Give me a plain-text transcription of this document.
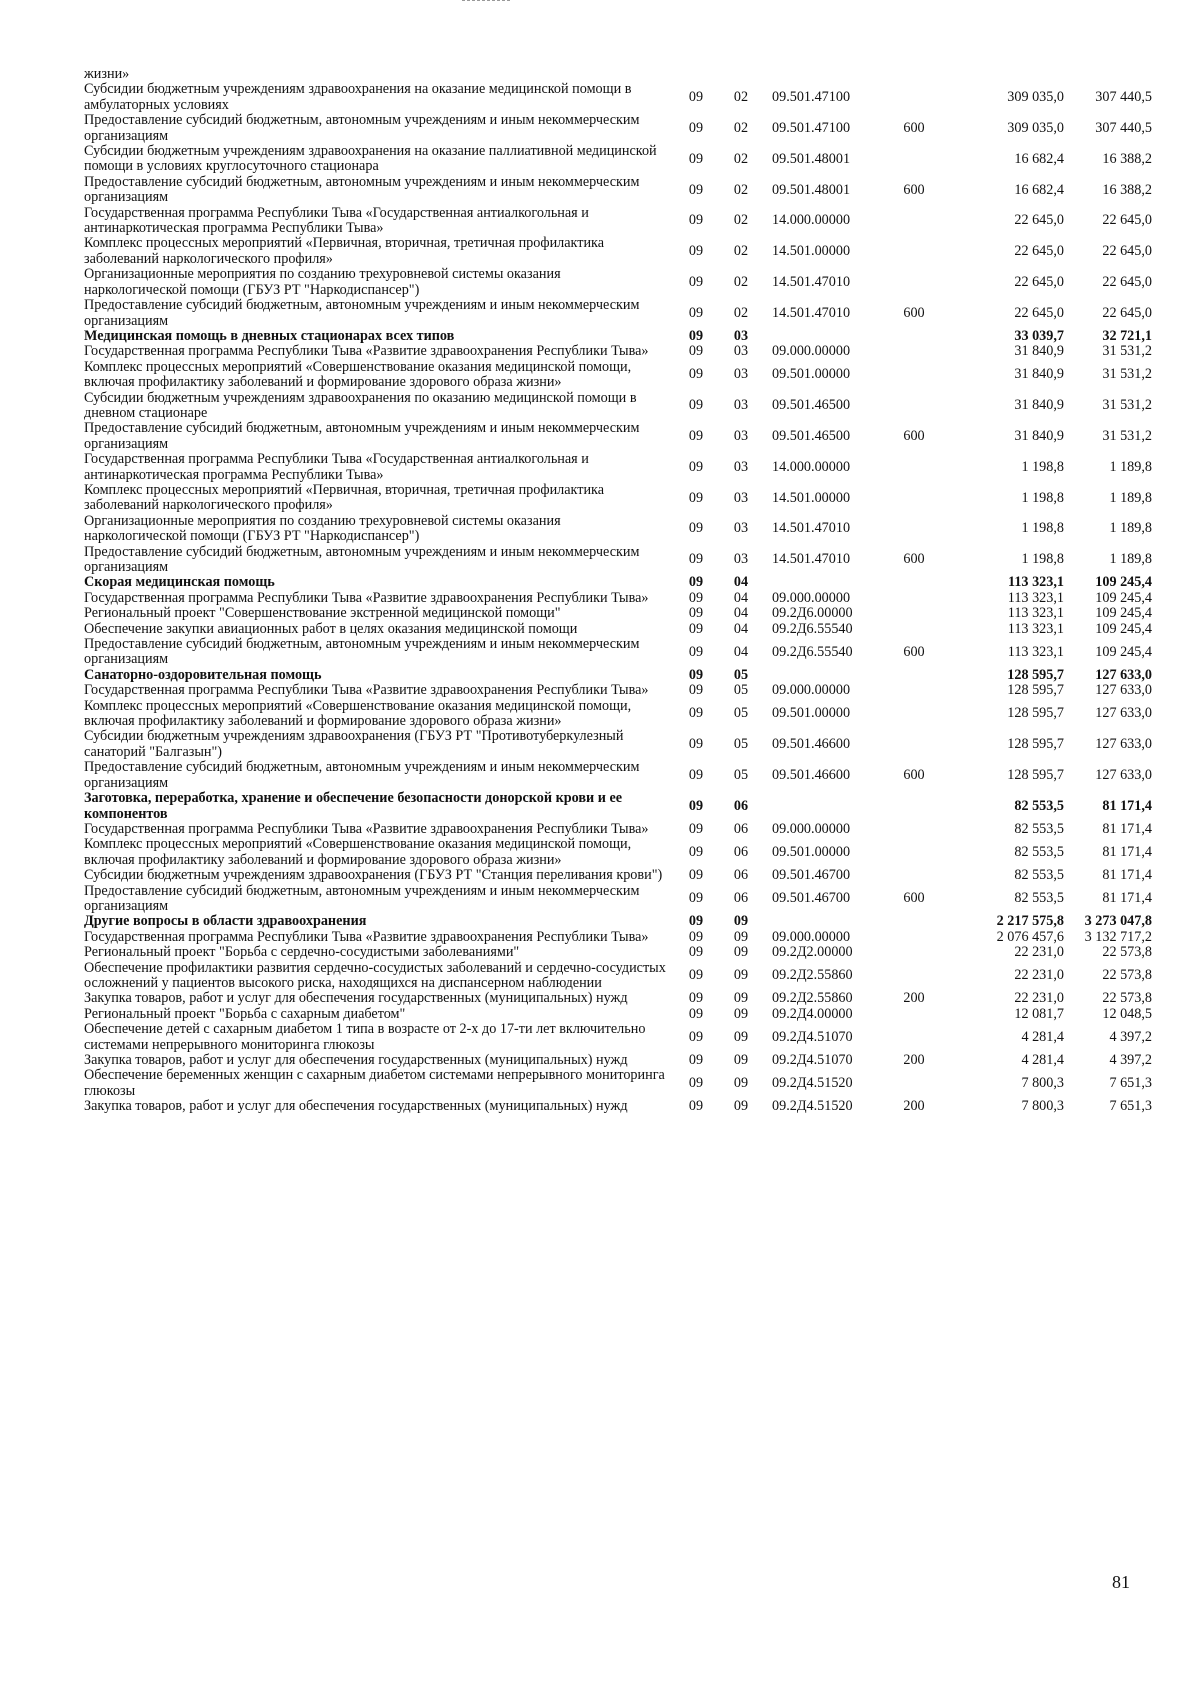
жизни»						
Субсидии бюджетным учреждениям здравоохранения на оказание медицинской помощи в амбулаторных условиях	09	02	09.501.47100		309 035,0	307 440,5
Предоставление субсидий бюджетным, автономным учреждениям и иным некоммерческим организациям	09	02	09.501.47100	600	309 035,0	307 440,5
Субсидии бюджетным учреждениям здравоохранения на оказание паллиативной медицинской помощи в условиях круглосуточного стационара	09	02	09.501.48001		16 682,4	16 388,2
Предоставление субсидий бюджетным, автономным учреждениям и иным некоммерческим организациям	09	02	09.501.48001	600	16 682,4	16 388,2
Государственная программа Республики Тыва «Государственная антиалкогольная и антинаркотическая программа Республики Тыва»	09	02	14.000.00000		22 645,0	22 645,0
Комплекс процессных мероприятий «Первичная, вторичная, третичная профилактика заболеваний наркологического профиля»	09	02	14.501.00000		22 645,0	22 645,0
Организационные мероприятия по созданию трехуровневой системы оказания наркологической помощи (ГБУЗ РТ "Наркодиспансер")	09	02	14.501.47010		22 645,0	22 645,0
Предоставление субсидий бюджетным, автономным учреждениям и иным некоммерческим организациям	09	02	14.501.47010	600	22 645,0	22 645,0
Медицинская помощь в дневных стационарах всех типов	09	03			33 039,7	32 721,1
Государственная программа Республики Тыва «Развитие здравоохранения Республики Тыва»	09	03	09.000.00000		31 840,9	31 531,2
Комплекс процессных мероприятий «Совершенствование оказания медицинской помощи, включая профилактику заболеваний и формирование здорового образа жизни»	09	03	09.501.00000		31 840,9	31 531,2
Субсидии бюджетным учреждениям здравоохранения по оказанию медицинской помощи в дневном стационаре	09	03	09.501.46500		31 840,9	31 531,2
Предоставление субсидий бюджетным, автономным учреждениям и иным некоммерческим организациям	09	03	09.501.46500	600	31 840,9	31 531,2
Государственная программа Республики Тыва «Государственная антиалкогольная и антинаркотическая программа Республики Тыва»	09	03	14.000.00000		1 198,8	1 189,8
Комплекс процессных мероприятий «Первичная, вторичная, третичная профилактика заболеваний наркологического профиля»	09	03	14.501.00000		1 198,8	1 189,8
Организационные мероприятия по созданию трехуровневой системы оказания наркологической помощи (ГБУЗ РТ "Наркодиспансер")	09	03	14.501.47010		1 198,8	1 189,8
Предоставление субсидий бюджетным, автономным учреждениям и иным некоммерческим организациям	09	03	14.501.47010	600	1 198,8	1 189,8
Скорая медицинская помощь	09	04			113 323,1	109 245,4
Государственная программа Республики Тыва «Развитие здравоохранения Республики Тыва»	09	04	09.000.00000		113 323,1	109 245,4
Региональный проект "Совершенствование экстренной медицинской помощи"	09	04	09.2Д6.00000		113 323,1	109 245,4
Обеспечение закупки авиационных работ в целях оказания медицинской помощи	09	04	09.2Д6.55540		113 323,1	109 245,4
Предоставление субсидий бюджетным, автономным учреждениям и иным некоммерческим организациям	09	04	09.2Д6.55540	600	113 323,1	109 245,4
Санаторно-оздоровительная помощь	09	05			128 595,7	127 633,0
Государственная программа Республики Тыва «Развитие здравоохранения Республики Тыва»	09	05	09.000.00000		128 595,7	127 633,0
Комплекс процессных мероприятий «Совершенствование оказания медицинской помощи, включая профилактику заболеваний и формирование здорового образа жизни»	09	05	09.501.00000		128 595,7	127 633,0
Субсидии бюджетным учреждениям здравоохранения (ГБУЗ РТ "Противотуберкулезный санаторий "Балгазын")	09	05	09.501.46600		128 595,7	127 633,0
Предоставление субсидий бюджетным, автономным учреждениям и иным некоммерческим организациям	09	05	09.501.46600	600	128 595,7	127 633,0
Заготовка, переработка, хранение и обеспечение безопасности донорской крови и ее компонентов	09	06			82 553,5	81 171,4
Государственная программа Республики Тыва «Развитие здравоохранения Республики Тыва»	09	06	09.000.00000		82 553,5	81 171,4
Комплекс процессных мероприятий «Совершенствование оказания медицинской помощи, включая профилактику заболеваний и формирование здорового образа жизни»	09	06	09.501.00000		82 553,5	81 171,4
Субсидии бюджетным учреждениям здравоохранения (ГБУЗ РТ "Станция переливания крови")	09	06	09.501.46700		82 553,5	81 171,4
Предоставление субсидий бюджетным, автономным учреждениям и иным некоммерческим организациям	09	06	09.501.46700	600	82 553,5	81 171,4
Другие вопросы в области здравоохранения	09	09			2 217 575,8	3 273 047,8
Государственная программа Республики Тыва «Развитие здравоохранения Республики Тыва»	09	09	09.000.00000		2 076 457,6	3 132 717,2
Региональный проект "Борьба с сердечно-сосудистыми заболеваниями"	09	09	09.2Д2.00000		22 231,0	22 573,8
Обеспечение профилактики развития сердечно-сосудистых заболеваний и сердечно-сосудистых осложнений у пациентов высокого риска, находящихся на диспансерном наблюдении	09	09	09.2Д2.55860		22 231,0	22 573,8
Закупка товаров, работ и услуг для обеспечения государственных (муниципальных) нужд	09	09	09.2Д2.55860	200	22 231,0	22 573,8
Региональный проект "Борьба с сахарным диабетом"	09	09	09.2Д4.00000		12 081,7	12 048,5
Обеспечение детей с сахарным диабетом 1 типа в возрасте от 2-х до 17-ти лет включительно системами непрерывного мониторинга глюкозы	09	09	09.2Д4.51070		4 281,4	4 397,2
Закупка товаров, работ и услуг для обеспечения государственных (муниципальных) нужд	09	09	09.2Д4.51070	200	4 281,4	4 397,2
Обеспечение беременных женщин с сахарным диабетом системами непрерывного мониторинга глюкозы	09	09	09.2Д4.51520		7 800,3	7 651,3
Закупка товаров, работ и услуг для обеспечения государственных (муниципальных) нужд	09	09	09.2Д4.51520	200	7 800,3	7 651,3
81
